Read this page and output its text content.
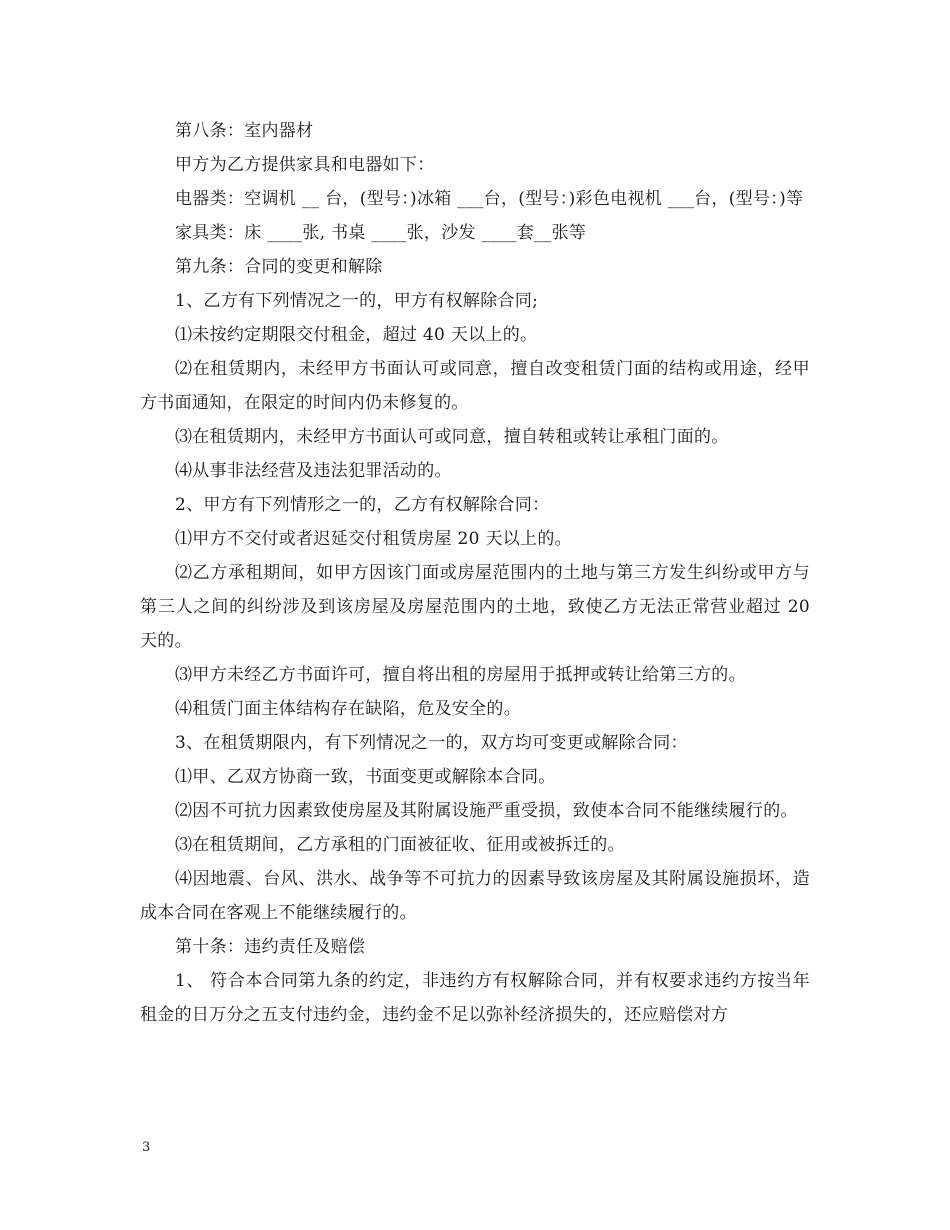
第八条：室内器材

甲方为乙方提供家具和电器如下：

电器类：空调机 __ 台，(型号：)冰箱 ___台，(型号：)彩色电视机 ___台，(型号：)等

家具类：床 ____张, 书桌 ____张，沙发 ____套__张等

第九条：合同的变更和解除

1、乙方有下列情况之一的，甲方有权解除合同;

⑴未按约定期限交付租金，超过 40 天以上的。

⑵在租赁期内，未经甲方书面认可或同意，擅自改变租赁门面的结构或用途，经甲方书面通知，在限定的时间内仍未修复的。

⑶在租赁期内，未经甲方书面认可或同意，擅自转租或转让承租门面的。

⑷从事非法经营及违法犯罪活动的。

2、甲方有下列情形之一的，乙方有权解除合同：

⑴甲方不交付或者迟延交付租赁房屋 20 天以上的。

⑵乙方承租期间，如甲方因该门面或房屋范围内的土地与第三方发生纠纷或甲方与第三人之间的纠纷涉及到该房屋及房屋范围内的土地，致使乙方无法正常营业超过 20 天的。

⑶甲方未经乙方书面许可，擅自将出租的房屋用于抵押或转让给第三方的。

⑷租赁门面主体结构存在缺陷，危及安全的。

3、在租赁期限内，有下列情况之一的，双方均可变更或解除合同：

⑴甲、乙双方协商一致，书面变更或解除本合同。

⑵因不可抗力因素致使房屋及其附属设施严重受损，致使本合同不能继续履行的。

⑶在租赁期间，乙方承租的门面被征收、征用或被拆迁的。

⑷因地震、台风、洪水、战争等不可抗力的因素导致该房屋及其附属设施损坏，造成本合同在客观上不能继续履行的。

第十条：违约责任及赔偿

1、 符合本合同第九条的约定，非违约方有权解除合同，并有权要求违约方按当年租金的日万分之五支付违约金，违约金不足以弥补经济损失的，还应赔偿对方

3
